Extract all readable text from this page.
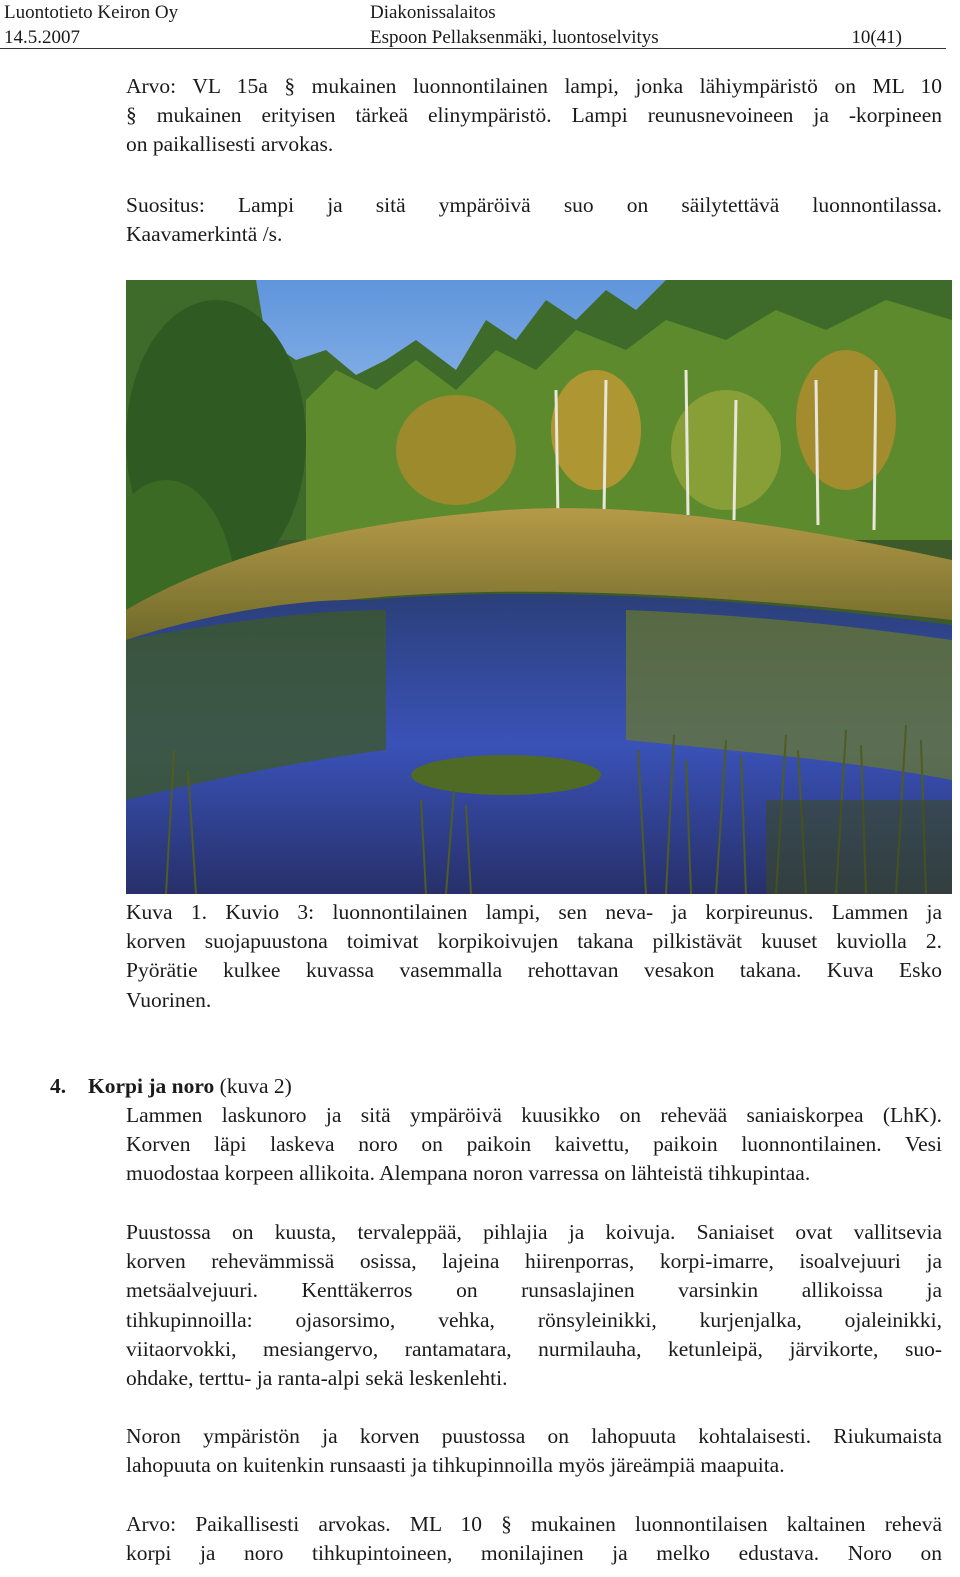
Luontotieto Keiron Oy
14.5.2007
Diakonissalaitos
Espoon Pellaksenmäki, luontoselvitys	10(41)
Arvo: VL 15a § mukainen luonnontilainen lampi, jonka lähiympäristö on ML 10
§ mukainen erityisen tärkeä elinympäristö. Lampi reunusnevoineen ja -korpineen
on paikallisesti arvokas.
Suositus: Lampi ja sitä ympäröivä suo on säilytettävä luonnontilassa.
Kaavamerkintä /s.
Kuva 1. Kuvio 3: luonnontilainen lampi, sen neva- ja korpireunus. Lammen ja
korven suojapuustona toimivat korpikoivujen takana pilkistävät kuuset kuviolla 2.
Pyörätie kulkee kuvassa vasemmalla rehottavan vesakon takana. Kuva Esko
Vuorinen.
4. Korpi ja noro (kuva 2)
Lammen laskunoro ja sitä ympäröivä kuusikko on rehevää saniaiskorpea (LhK).
Korven läpi laskeva noro on paikoin kaivettu, paikoin luonnontilainen. Vesi
muodostaa korpeen allikoita. Alempana noron varressa on lähteistä tihkupintaa.
Puustossa on kuusta, tervaleppää, pihlajia ja koivuja. Saniaiset ovat vallitsevia
korven rehevämmissä osissa, lajeina hiirenporras, korpi-imarre, isoalvejuuri ja
metsäalvejuuri. Kenttäkerros on runsaslajinen varsinkin allikoissa ja
tihkupinnoilla: ojasorsimo, vehka, rönsyleinikki, kurjenjalka, ojaleinikki,
viitaorvokki, mesiangervo, rantamatara, nurmilauha, ketunleipä, järvikorte, suo-
ohdake, terttu- ja ranta-alpi sekä leskenlehti.
Noron ympäristön ja korven puustossa on lahopuuta kohtalaisesti. Riukumaista
lahopuuta on kuitenkin runsaasti ja tihkupinnoilla myös järeämpiä maapuita.
Arvo: Paikallisesti arvokas. ML 10 § mukainen luonnontilaisen kaltainen rehevä
korpi ja noro tihkupintoineen, monilajinen ja melko edustava. Noro on
